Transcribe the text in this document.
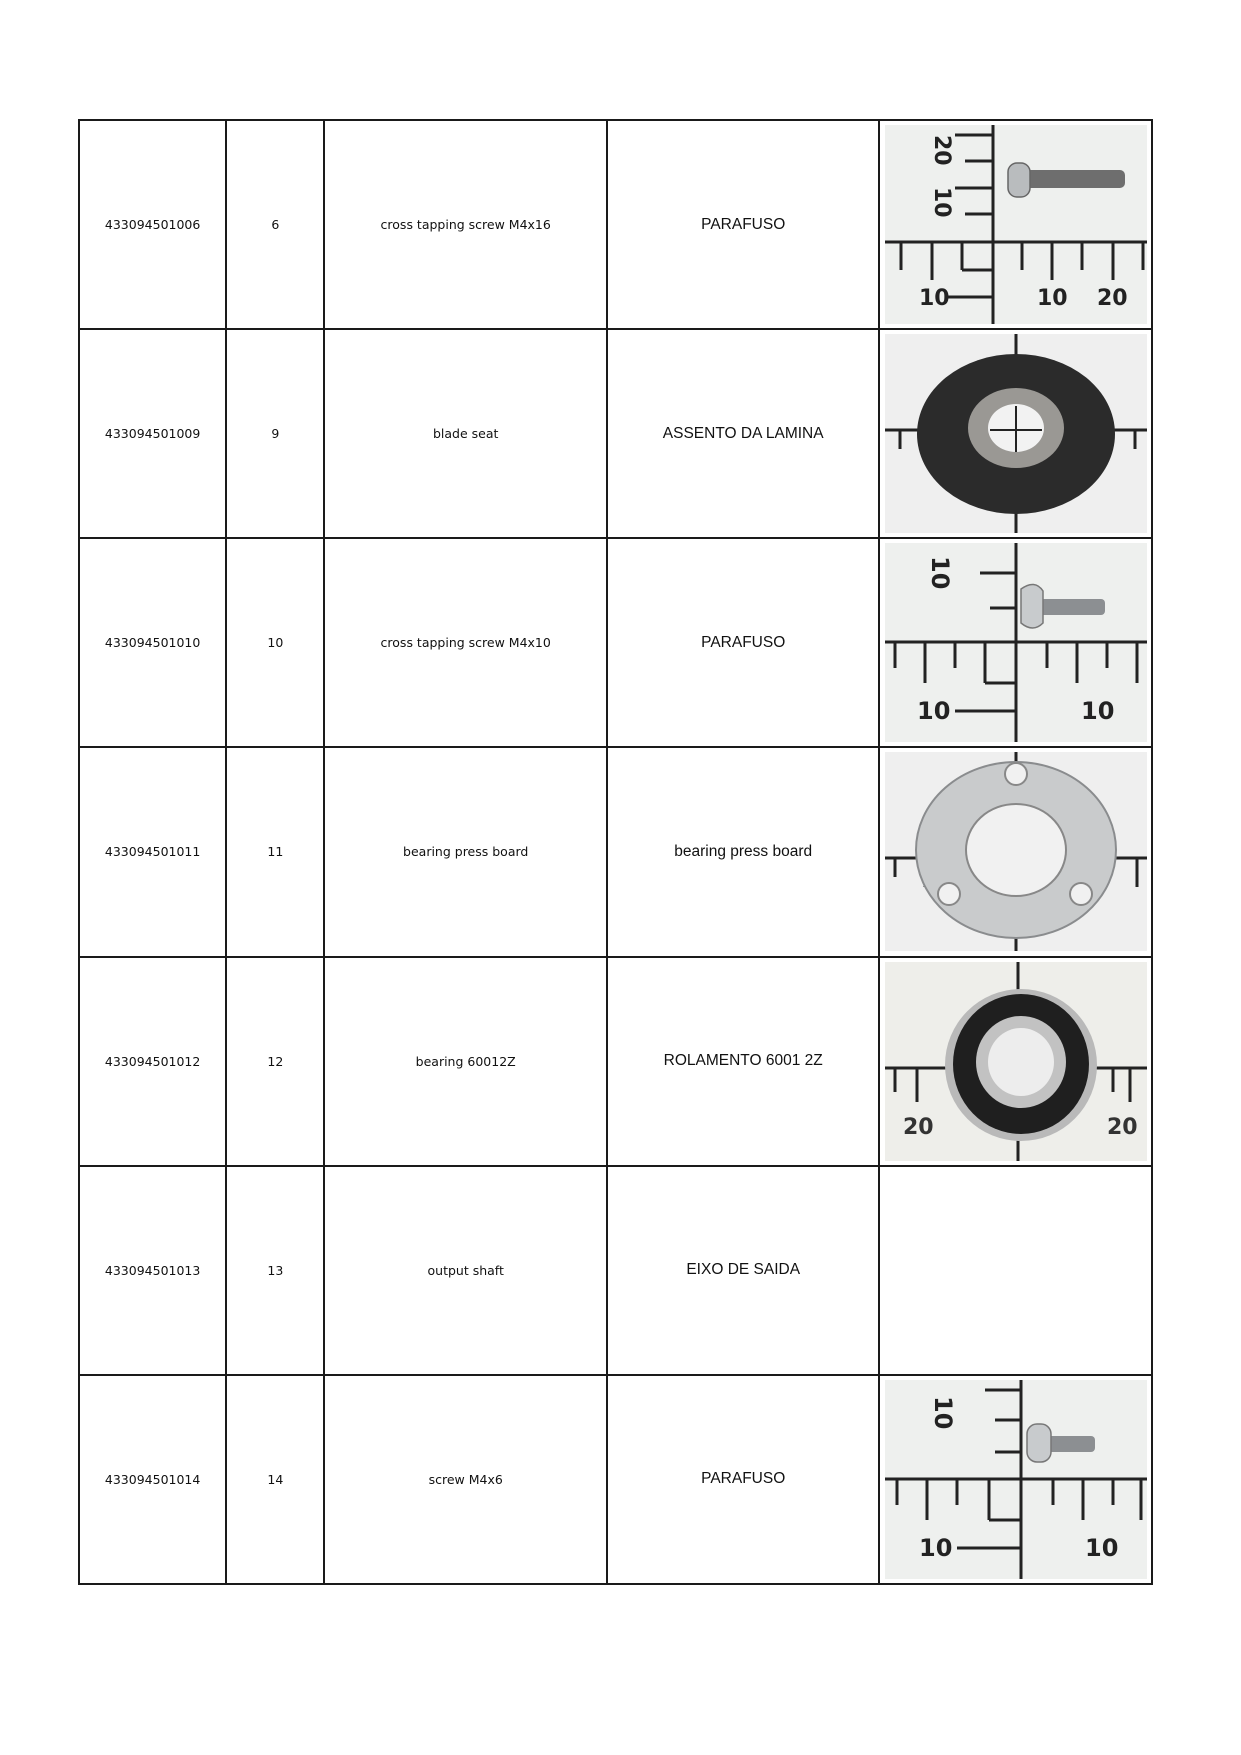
433094501006	6	cross tapping screw M4x16	PARAFUSO	10 10 20
20
10

433094501009	9	blade seat	ASSENTO DA LAMINA	

433094501010	10	cross tapping screw M4x10	PARAFUSO	10 10
10

433094501011	11	bearing press board	bearing press board	

433094501012	12	bearing 60012Z	ROLAMENTO 6001 2Z	20 20

433094501013	13	output shaft	EIXO DE SAIDA	
433094501014	14	screw M4x6	PARAFUSO	10 10
10
